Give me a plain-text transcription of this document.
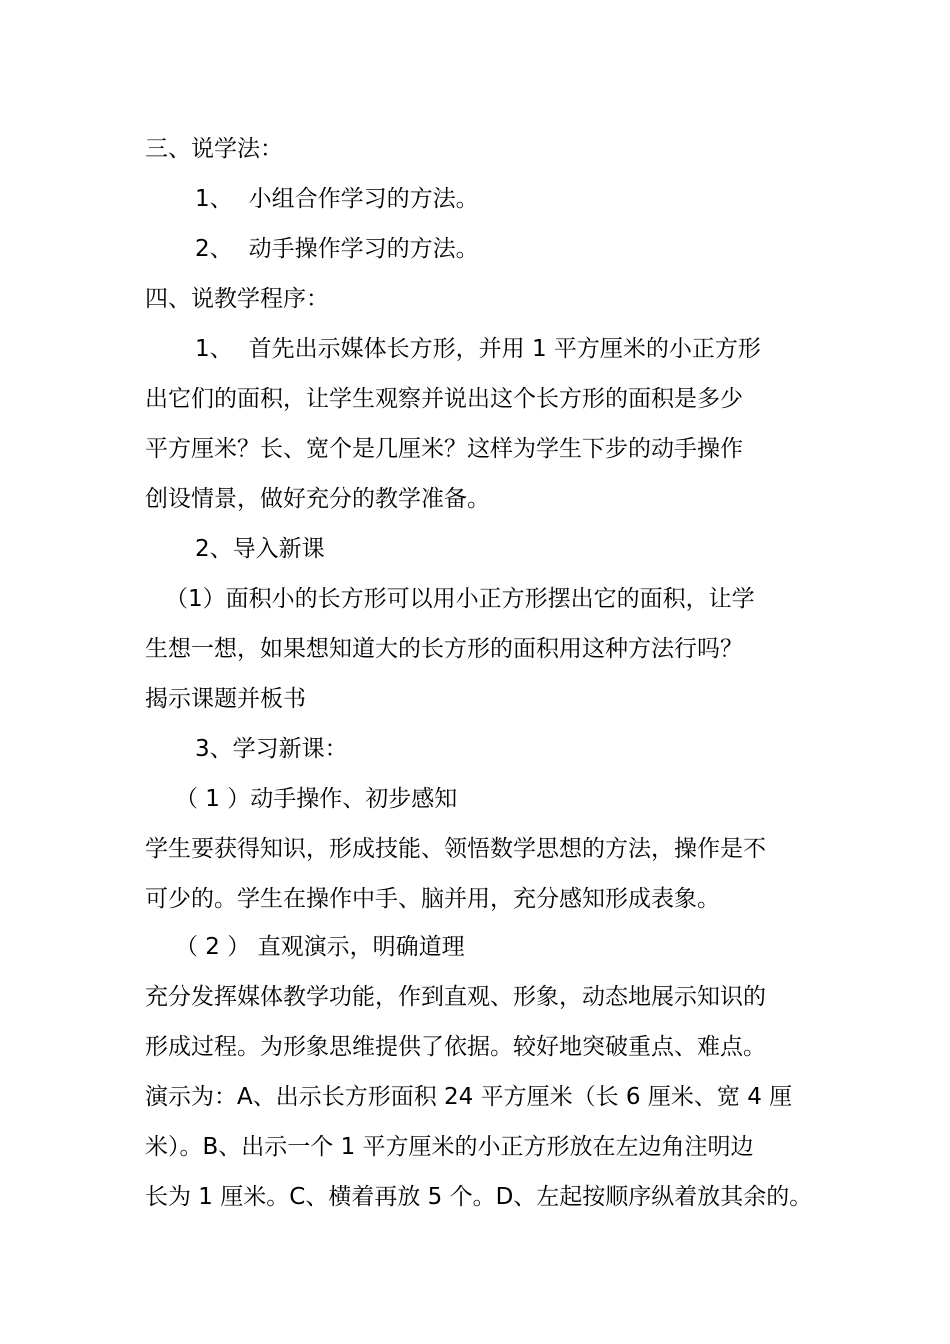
三、说学法：
1、 小组合作学习的方法。
2、 动手操作学习的方法。
四、说教学程序：
1、 首先出示媒体长方形，并用 1 平方厘米的小正方形
出它们的面积，让学生观察并说出这个长方形的面积是多少
平方厘米？长、宽个是几厘米？这样为学生下步的动手操作
创设情景，做好充分的教学准备。
2、导入新课
（1）面积小的长方形可以用小正方形摆出它的面积，让学
生想一想，如果想知道大的长方形的面积用这种方法行吗？
揭示课题并板书
3、学习新课：
（ 1 ）动手操作、初步感知
学生要获得知识，形成技能、领悟数学思想的方法，操作是不
可少的。学生在操作中手、脑并用，充分感知形成表象。
（ 2 ） 直观演示，明确道理
充分发挥媒体教学功能，作到直观、形象，动态地展示知识的
形成过程。为形象思维提供了依据。较好地突破重点、难点。
演示为：A、出示长方形面积 24 平方厘米（长 6 厘米、宽 4 厘
米）。B、出示一个 1 平方厘米的小正方形放在左边角注明边
长为 1 厘米。C、横着再放 5 个。D、左起按顺序纵着放其余的。
